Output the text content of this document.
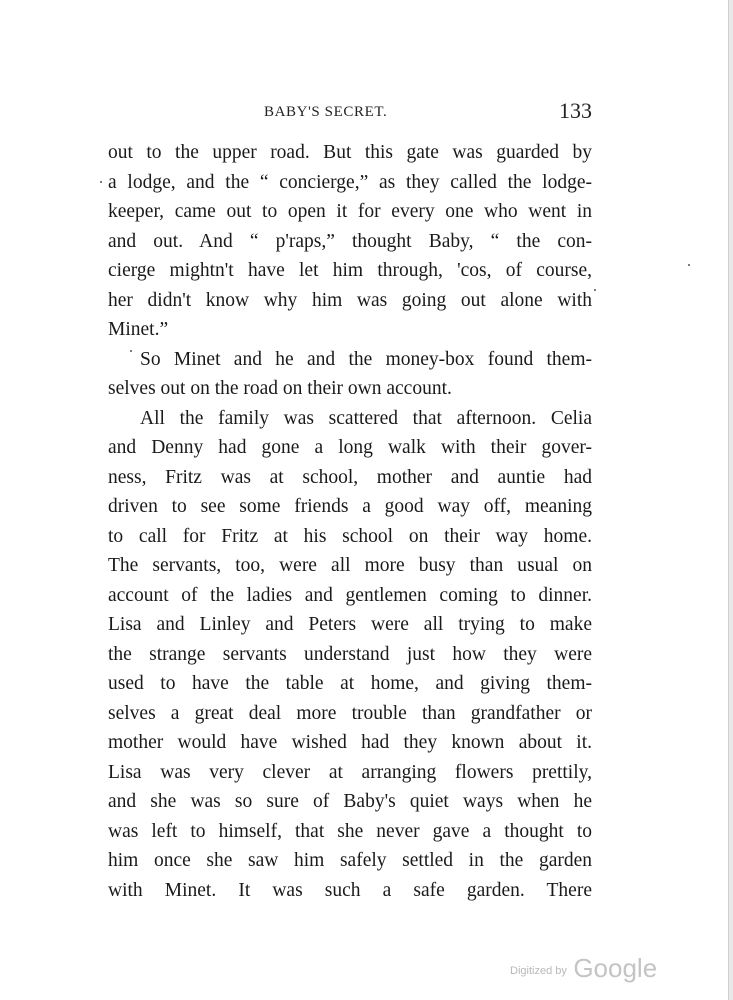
BABY'S SECRET.	133
out to the upper road. But this gate was guarded by
a lodge, and the “ concierge,” as they called the lodge-
keeper, came out to open it for every one who went in
and out. And “ p'raps,” thought Baby, “ the con-
cierge mightn't have let him through, 'cos, of course,
her didn't know why him was going out alone with
Minet.”
So Minet and he and the money-box found them-
selves out on the road on their own account.
All the family was scattered that afternoon. Celia
and Denny had gone a long walk with their gover-
ness, Fritz was at school, mother and auntie had
driven to see some friends a good way off, meaning
to call for Fritz at his school on their way home.
The servants, too, were all more busy than usual on
account of the ladies and gentlemen coming to dinner.
Lisa and Linley and Peters were all trying to make
the strange servants understand just how they were
used to have the table at home, and giving them-
selves a great deal more trouble than grandfather or
mother would have wished had they known about it.
Lisa was very clever at arranging flowers prettily,
and she was so sure of Baby's quiet ways when he
was left to himself, that she never gave a thought to
him once she saw him safely settled in the garden
with Minet. It was such a safe garden. There
Digitized by Google
